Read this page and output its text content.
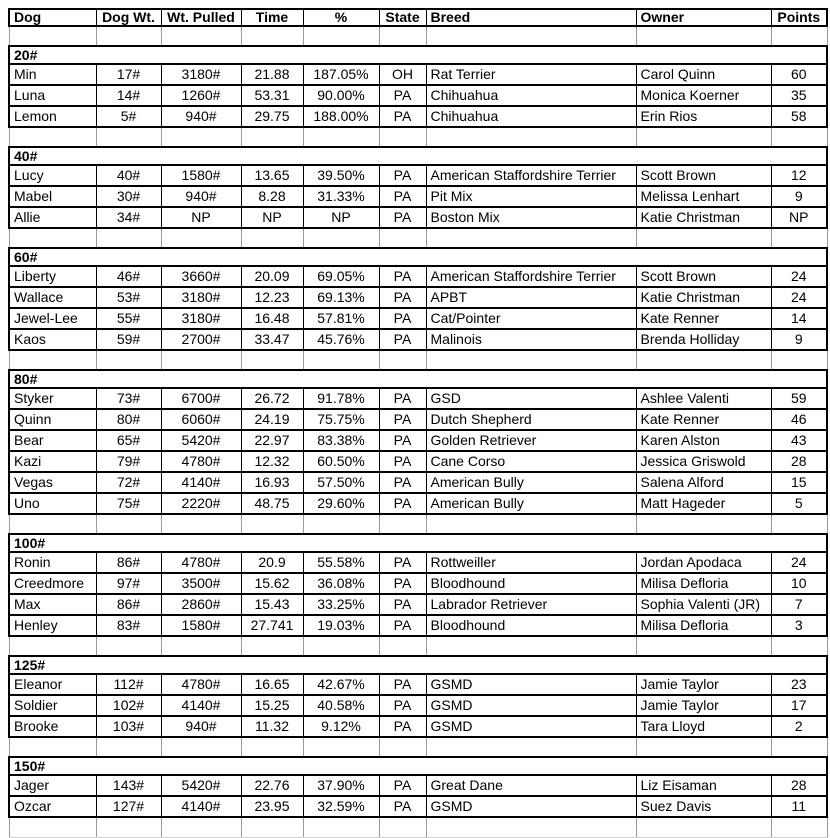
Dog	Dog Wt.	Wt. Pulled	Time	%	State	Breed	Owner	Points

20#								
Min	17#	3180#	21.88	187.05%	OH	Rat Terrier	Carol Quinn	60
Luna	14#	1260#	53.31	90.00%	PA	Chihuahua	Monica Koerner	35
Lemon	5#	940#	29.75	188.00%	PA	Chihuahua	Erin Rios	58

40#								
Lucy	40#	1580#	13.65	39.50%	PA	American Staffordshire Terrier	Scott Brown	12
Mabel	30#	940#	8.28	31.33%	PA	Pit Mix	Melissa Lenhart	9
Allie	34#	NP	NP	NP	PA	Boston Mix	Katie Christman	NP

60#								
Liberty	46#	3660#	20.09	69.05%	PA	American Staffordshire Terrier	Scott Brown	24
Wallace	53#	3180#	12.23	69.13%	PA	APBT	Katie Christman	24
Jewel-Lee	55#	3180#	16.48	57.81%	PA	Cat/Pointer	Kate Renner	14
Kaos	59#	2700#	33.47	45.76%	PA	Malinois	Brenda Holliday	9

80#								
Styker	73#	6700#	26.72	91.78%	PA	GSD	Ashlee Valenti	59
Quinn	80#	6060#	24.19	75.75%	PA	Dutch Shepherd	Kate Renner	46
Bear	65#	5420#	22.97	83.38%	PA	Golden Retriever	Karen Alston	43
Kazi	79#	4780#	12.32	60.50%	PA	Cane Corso	Jessica Griswold	28
Vegas	72#	4140#	16.93	57.50%	PA	American Bully	Salena Alford	15
Uno	75#	2220#	48.75	29.60%	PA	American Bully	Matt Hageder	5

100#								
Ronin	86#	4780#	20.9	55.58%	PA	Rottweiller	Jordan Apodaca	24
Creedmore	97#	3500#	15.62	36.08%	PA	Bloodhound	Milisa Defloria	10
Max	86#	2860#	15.43	33.25%	PA	Labrador Retriever	Sophia Valenti (JR)	7
Henley	83#	1580#	27.741	19.03%	PA	Bloodhound	Milisa Defloria	3

125#								
Eleanor	112#	4780#	16.65	42.67%	PA	GSMD	Jamie Taylor	23
Soldier	102#	4140#	15.25	40.58%	PA	GSMD	Jamie Taylor	17
Brooke	103#	940#	11.32	9.12%	PA	GSMD	Tara Lloyd	2

150#								
Jager	143#	5420#	22.76	37.90%	PA	Great Dane	Liz Eisaman	28
Ozcar	127#	4140#	23.95	32.59%	PA	GSMD	Suez Davis	11
